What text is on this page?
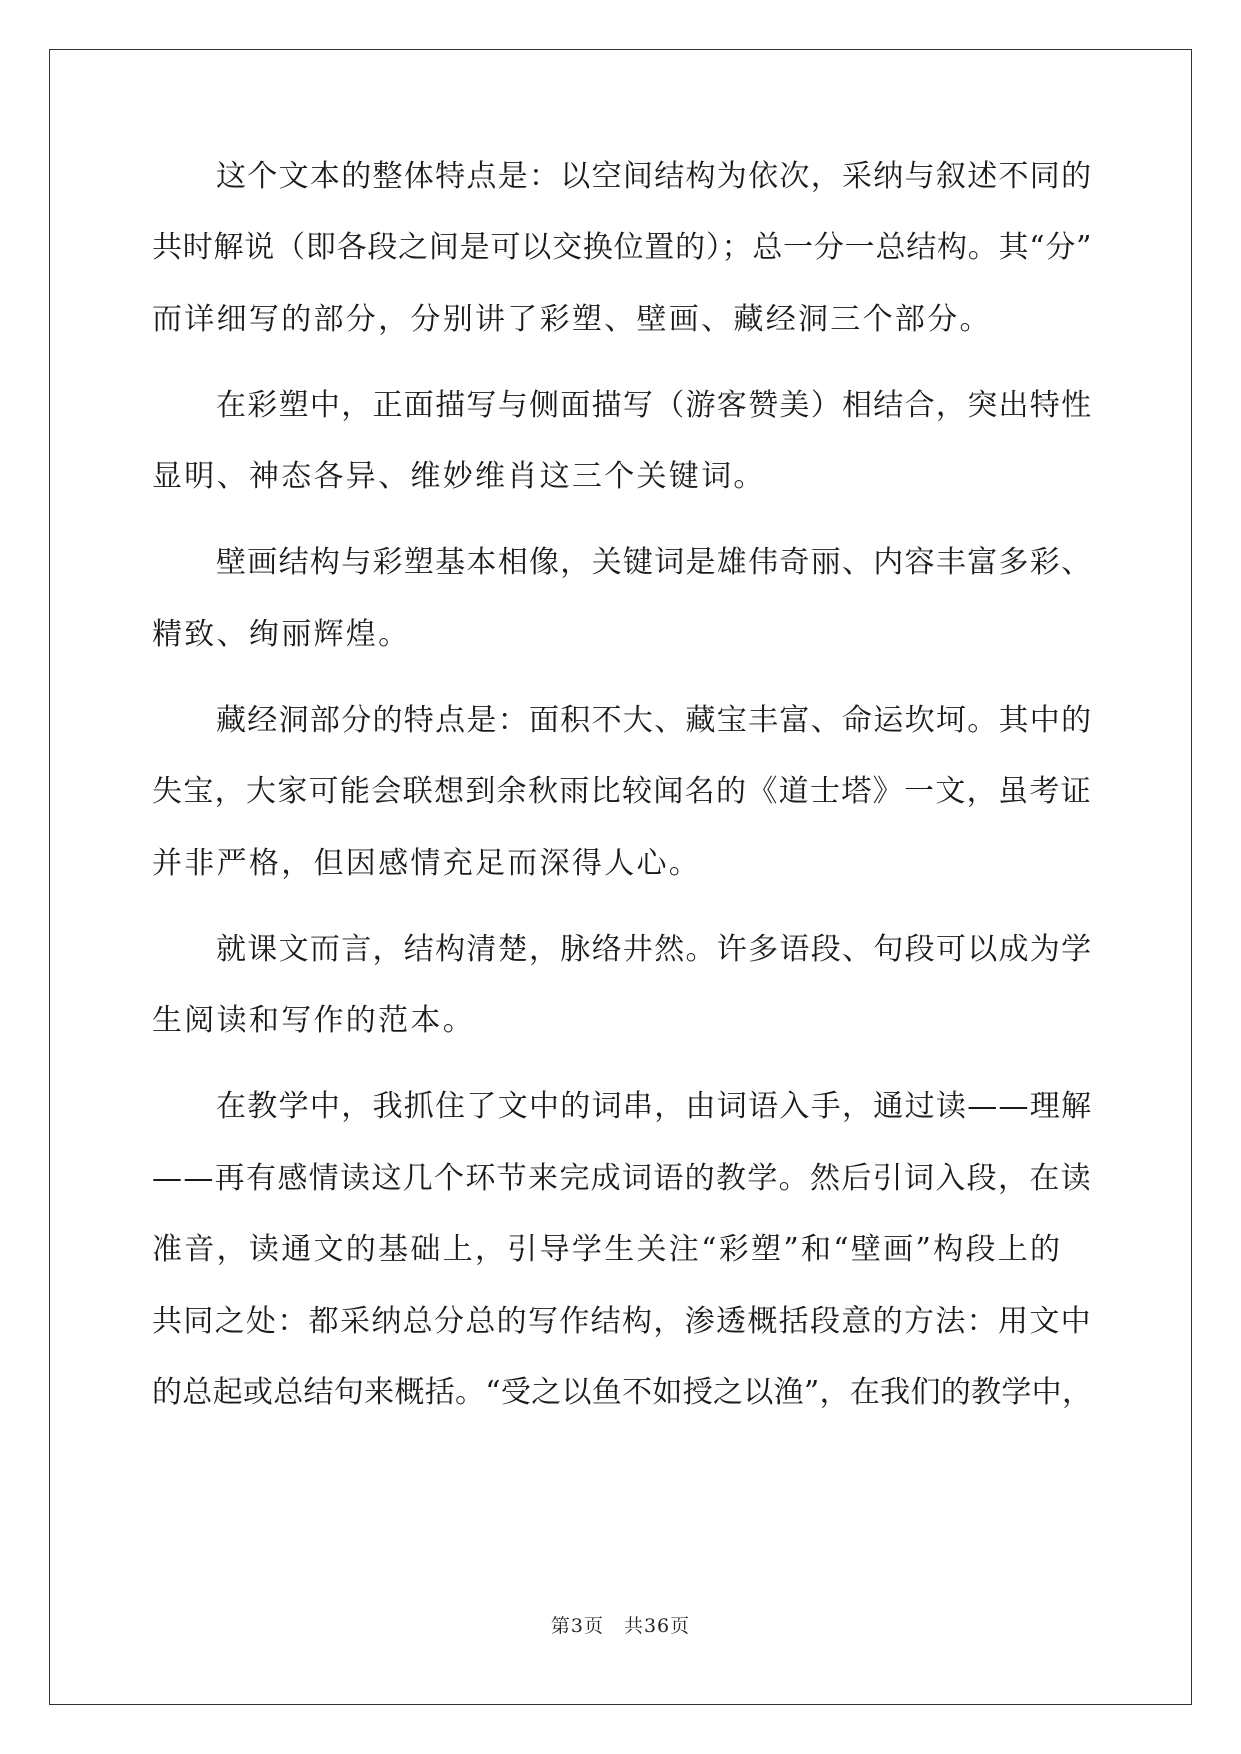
这个文本的整体特点是：以空间结构为依次，采纳与叙述不同的
共时解说（即各段之间是可以交换位置的）；总一分一总结构。其“分”
而详细写的部分，分别讲了彩塑、壁画、藏经洞三个部分。
在彩塑中，正面描写与侧面描写（游客赞美）相结合，突出特性
显明、神态各异、维妙维肖这三个关键词。
壁画结构与彩塑基本相像，关键词是雄伟奇丽、内容丰富多彩、
精致、绚丽辉煌。
藏经洞部分的特点是：面积不大、藏宝丰富、命运坎坷。其中的
失宝，大家可能会联想到余秋雨比较闻名的《道士塔》一文，虽考证
并非严格，但因感情充足而深得人心。
就课文而言，结构清楚，脉络井然。许多语段、句段可以成为学
生阅读和写作的范本。
在教学中，我抓住了文中的词串，由词语入手，通过读——理解
——再有感情读这几个环节来完成词语的教学。然后引词入段，在读
准音，读通文的基础上，引导学生关注“彩塑”和“壁画”构段上的
共同之处：都采纳总分总的写作结构，渗透概括段意的方法：用文中
的总起或总结句来概括。“受之以鱼不如授之以渔”，在我们的教学中，
第3页　共36页
